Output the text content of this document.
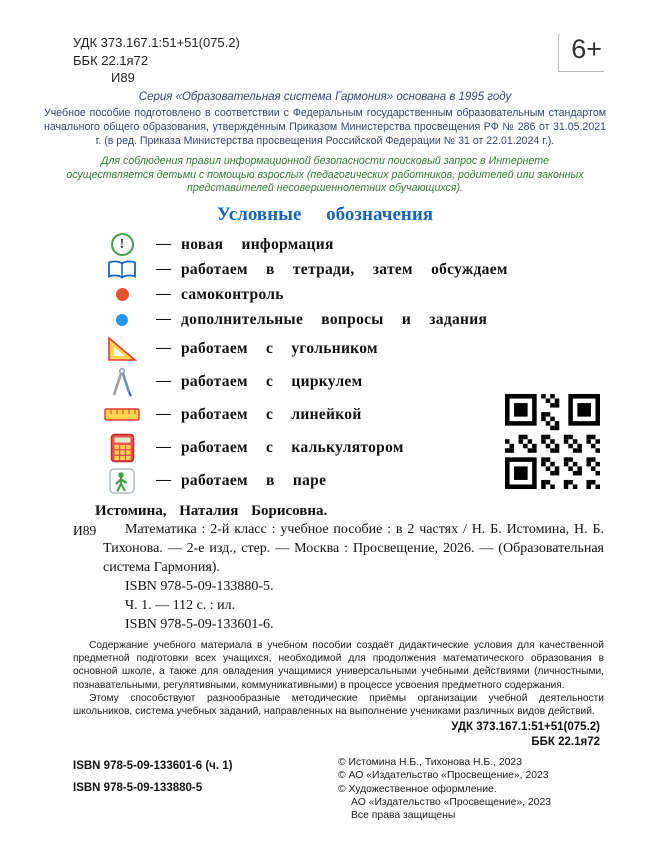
УДК 373.167.1:51+51(075.2)
ББК 22.1я72
И89
6+
Серия «Образовательная система Гармония» основана в 1995 году
Учебное пособие подготовлено в соответствии с Федеральным государственным образовательным стандартом начального общего образования, утверждённым Приказом Министерства просвещения РФ № 286 от 31.05.2021 г. (в ред. Приказа Министерства просвещения Российской Федерации № 31 от 22.01.2024 г.).
Для соблюдения правил информационной безопасности поисковый запрос в Интернете осуществляется детьми с помощью взрослых (педагогических работников, родителей или законных представителей несовершеннолетних обучающихся).
Условные обозначения
!	— новая информация
— работаем в тетради, затем обсуждаем
— самоконтроль
— дополнительные вопросы и задания
— работаем с угольником
— работаем с циркулем
— работаем с линейкой
— работаем с калькулятором
— работаем в паре
Истомина, Наталия Борисовна.
И89	Математика : 2-й класс : учебное пособие : в 2 частях / Н. Б. Истомина, Н. Б. Тихонова. — 2-е изд., стер. — Москва : Просвещение, 2026. — (Образовательная система Гармония).

ISBN 978-5-09-133880-5.
Ч. 1. — 112 с. : ил.
ISBN 978-5-09-133601-6.

Содержание учебного материала в учебном пособии создаёт дидактические условия для качественной предметной подготовки всех учащихся, необходимой для продолжения математического образования в основной школе, а также для овладения учащимися универсальными учебными действиями (личностными, познавательными, регулятивными, коммуникативными) в процессе усвоения предметного содержания.

Этому способствуют разнообразные методические приёмы организации учебной деятельности школьников, система учебных заданий, направленных на выполнение учениками различных видов действий.

УДК 373.167.1:51+51(075.2)
ББК 22.1я72
ISBN 978-5-09-133601-6 (ч. 1)
ISBN 978-5-09-133880-5
© Истомина Н.Б., Тихонова Н.Б., 2023
© АО «Издательство «Просвещение», 2023
© Художественное оформление.
АО «Издательство «Просвещение», 2023
Все права защищены
